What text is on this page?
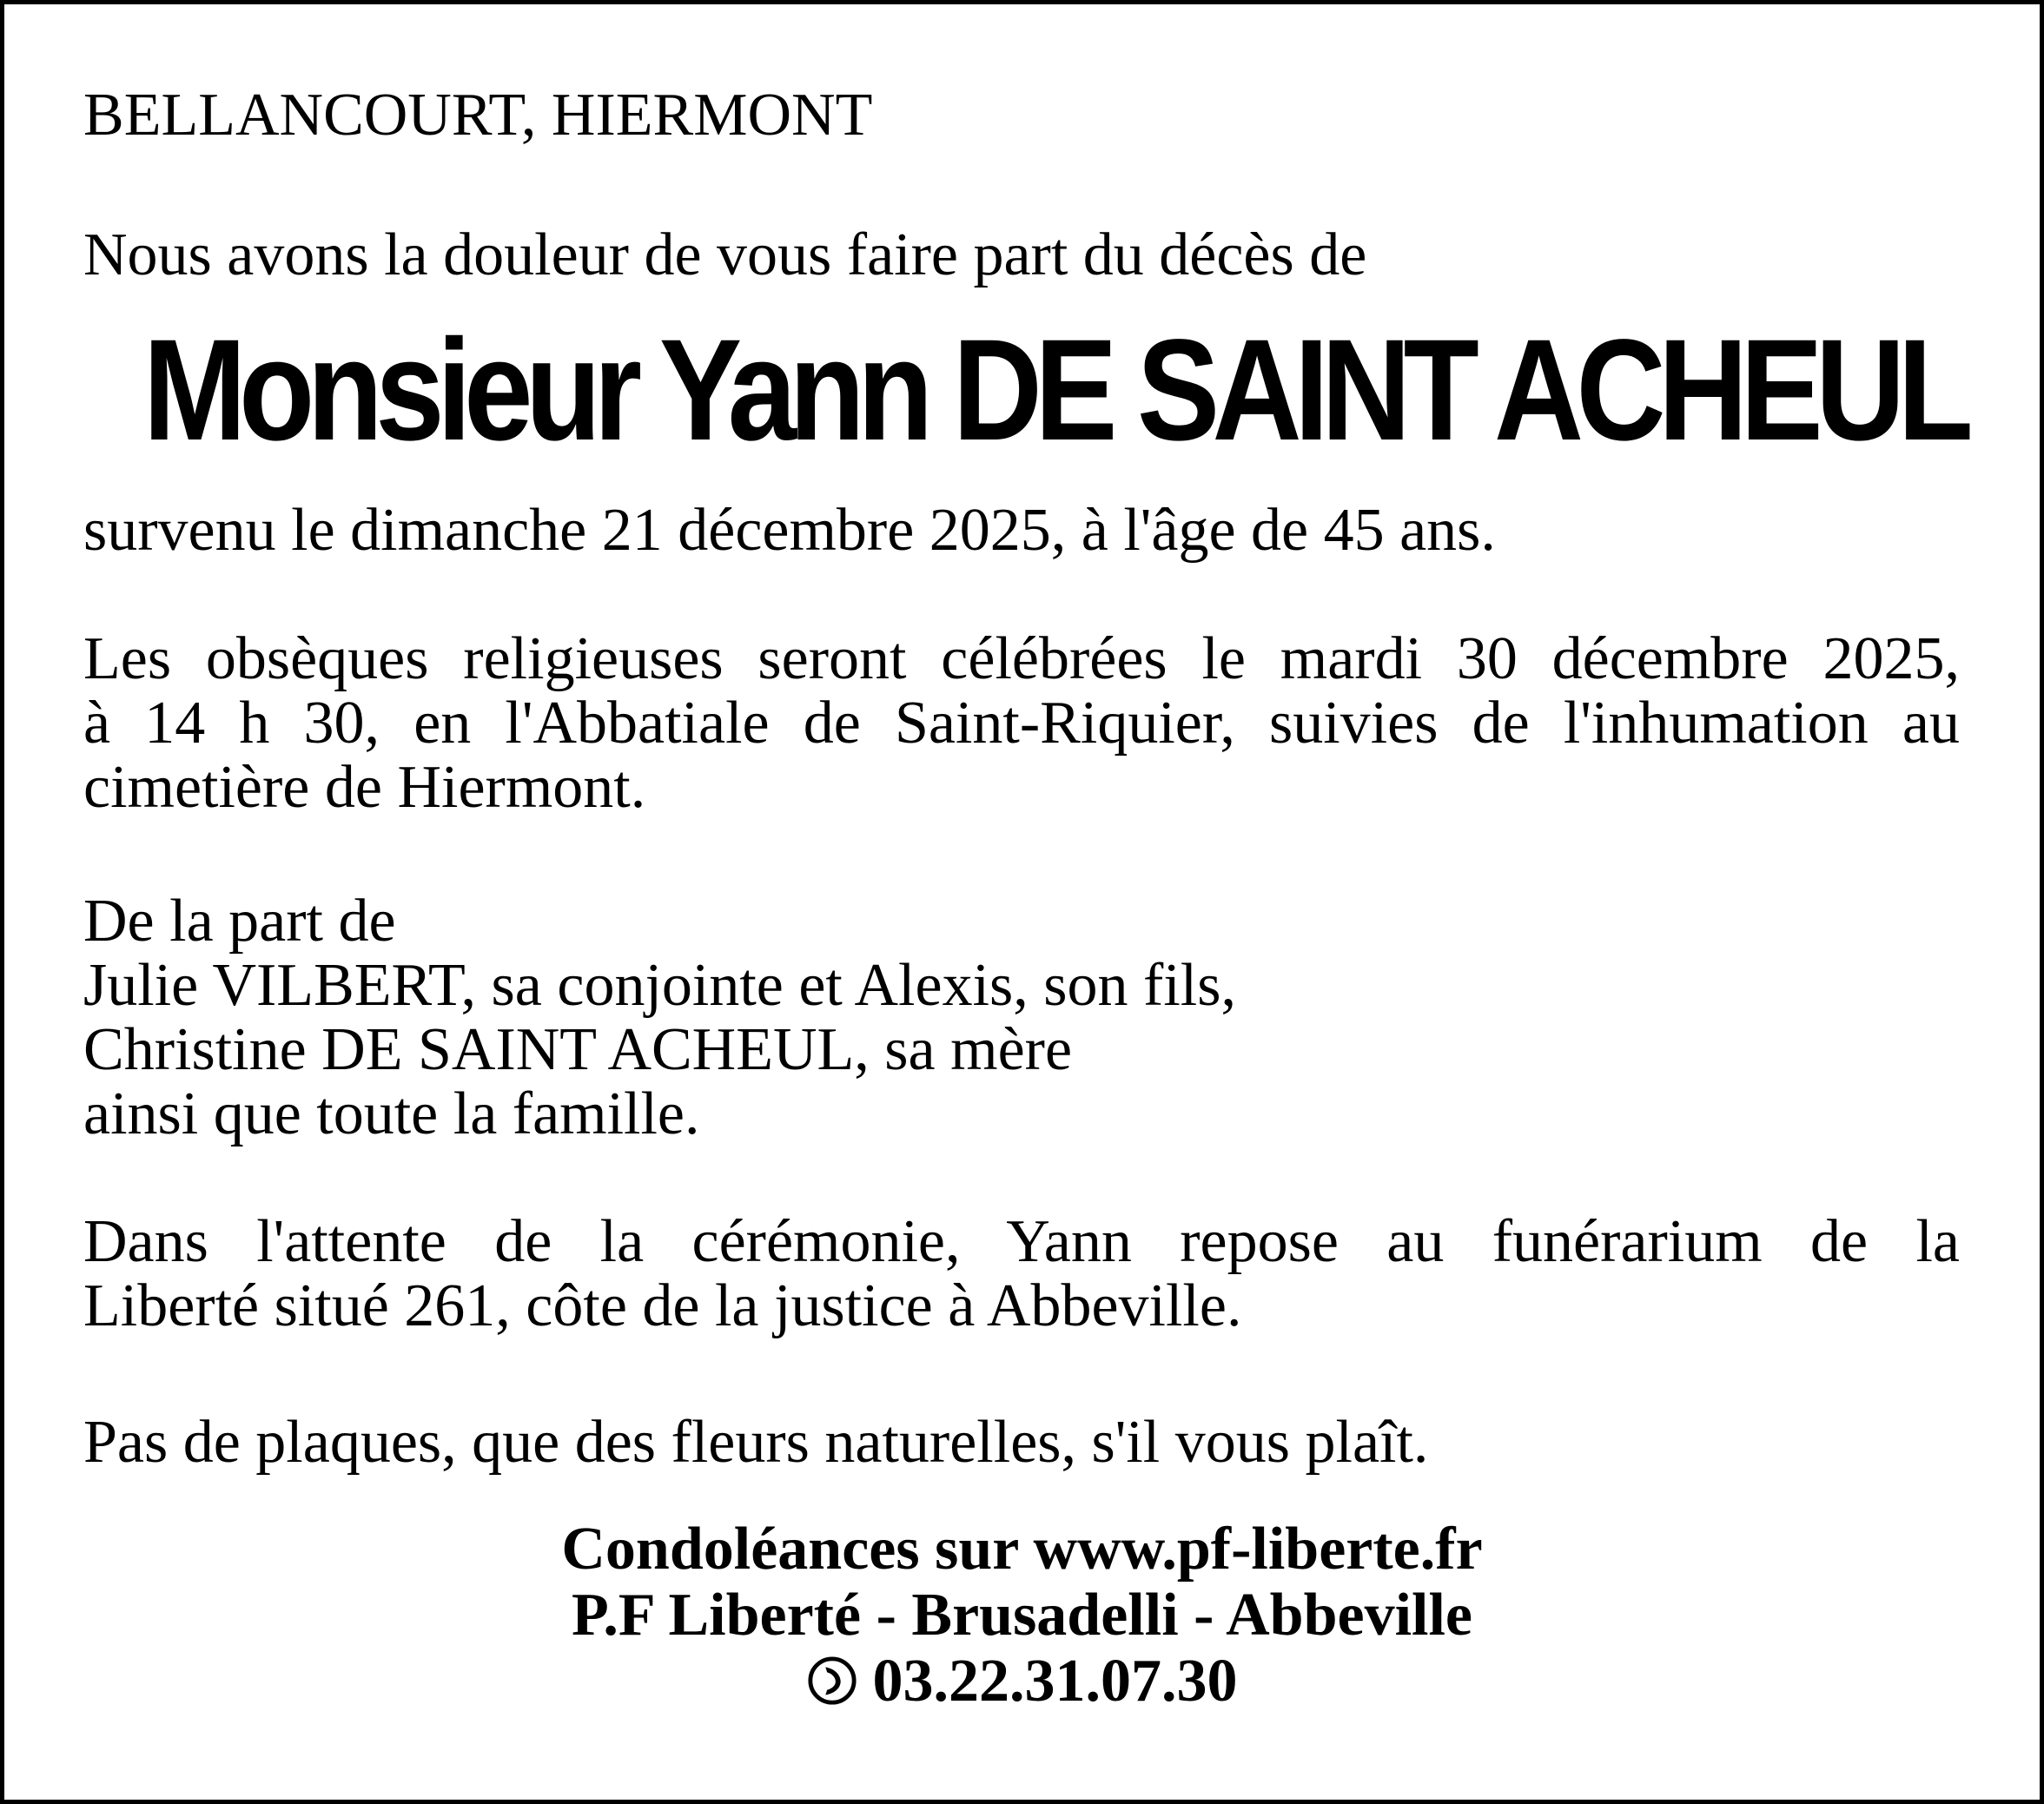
BELLANCOURT, HIERMONT
Nous avons la douleur de vous faire part du décès de
Monsieur Yann DE SAINT ACHEUL
survenu le dimanche 21 décembre 2025, à l'âge de 45 ans.
Les obsèques religieuses seront célébrées le mardi 30 décembre 2025,
à 14 h 30, en l'Abbatiale de Saint-Riquier, suivies de l'inhumation au
cimetière de Hiermont.
De la part de
Julie VILBERT, sa conjointe et Alexis, son fils,
Christine DE SAINT ACHEUL, sa mère
ainsi que toute la famille.
Dans l'attente de la cérémonie, Yann repose au funérarium de la
Liberté situé 261, côte de la justice à Abbeville.
Pas de plaques, que des fleurs naturelles, s'il vous plaît.
Condoléances sur www.pf-liberte.fr
P.F Liberté - Brusadelli - Abbeville
03.22.31.07.30
